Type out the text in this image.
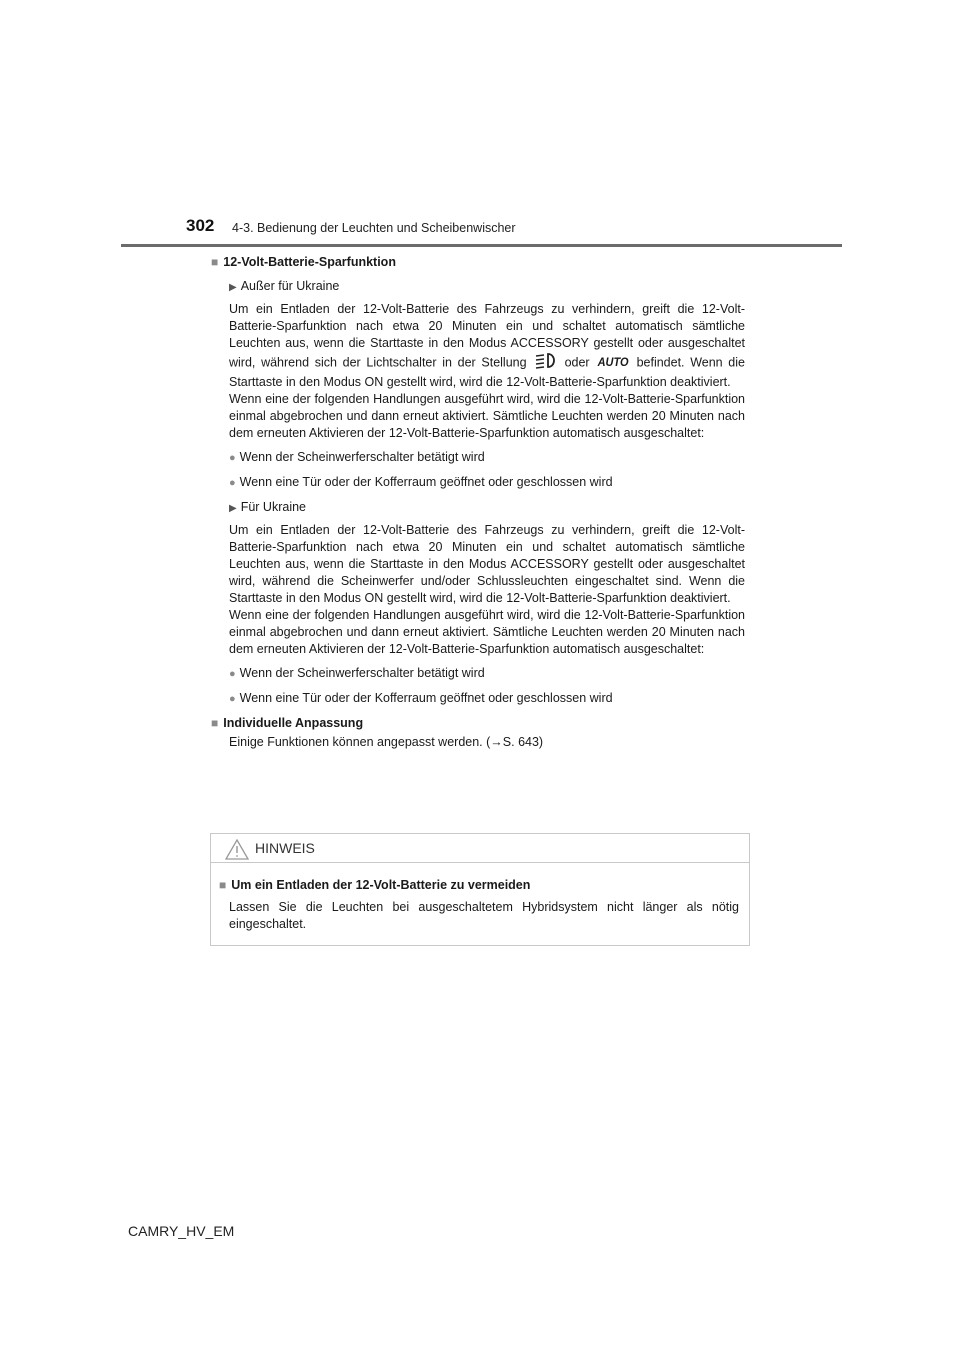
302 4-3. Bedienung der Leuchten und Scheibenwischer
■ 12-Volt-Batterie-Sparfunktion
▶ Außer für Ukraine

Um ein Entladen der 12-Volt-Batterie des Fahrzeugs zu verhindern, greift die 12-Volt-Batterie-Sparfunktion nach etwa 20 Minuten ein und schaltet automatisch sämtliche Leuchten aus, wenn die Starttaste in den Modus ACCESSORY gestellt oder ausgeschaltet wird, während sich der Lichtschalter in der Stellung	oder AUTO befindet. Wenn die Starttaste in den Modus ON gestellt wird, wird die 12-Volt-Batterie-Sparfunktion deaktiviert.

Wenn eine der folgenden Handlungen ausgeführt wird, wird die 12-Volt-Batterie-Sparfunktion einmal abgebrochen und dann erneut aktiviert. Sämtliche Leuchten werden 20 Minuten nach dem erneuten Aktivieren der 12-Volt-Batterie-Sparfunktion automatisch ausgeschaltet:

● Wenn der Scheinwerferschalter betätigt wird
● Wenn eine Tür oder der Kofferraum geöffnet oder geschlossen wird
▶ Für Ukraine

Um ein Entladen der 12-Volt-Batterie des Fahrzeugs zu verhindern, greift die 12-Volt-Batterie-Sparfunktion nach etwa 20 Minuten ein und schaltet automatisch sämtliche Leuchten aus, wenn die Starttaste in den Modus ACCESSORY gestellt oder ausgeschaltet wird, während die Scheinwerfer und/oder Schlussleuchten eingeschaltet sind. Wenn die Starttaste in den Modus ON gestellt wird, wird die 12-Volt-Batterie-Sparfunktion deaktiviert.

Wenn eine der folgenden Handlungen ausgeführt wird, wird die 12-Volt-Batterie-Sparfunktion einmal abgebrochen und dann erneut aktiviert. Sämtliche Leuchten werden 20 Minuten nach dem erneuten Aktivieren der 12-Volt-Batterie-Sparfunktion automatisch ausgeschaltet:

● Wenn der Scheinwerferschalter betätigt wird
● Wenn eine Tür oder der Kofferraum geöffnet oder geschlossen wird
■ Individuelle Anpassung

Einige Funktionen können angepasst werden. (→S. 643)

HINWEIS
■ Um ein Entladen der 12-Volt-Batterie zu vermeiden

Lassen Sie die Leuchten bei ausgeschaltetem Hybridsystem nicht länger als nötig eingeschaltet.

CAMRY_HV_EM
